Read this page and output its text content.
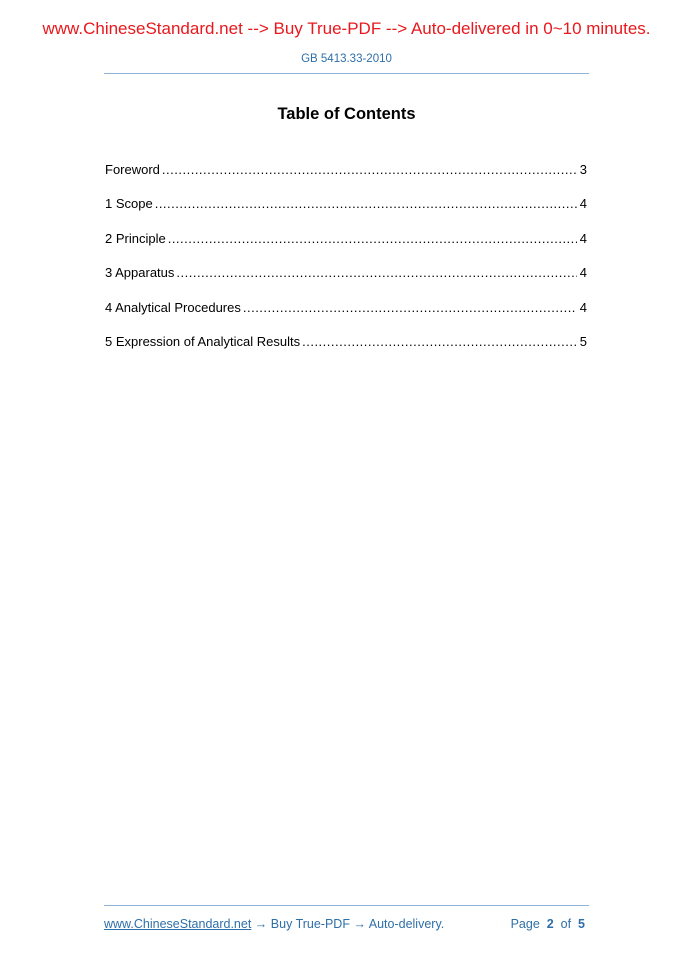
www.ChineseStandard.net --> Buy True-PDF --> Auto-delivered in 0~10 minutes.
GB 5413.33-2010
Table of Contents
Foreword .....	3
1 Scope .....	4
2 Principle .....	4
3 Apparatus .....	4
4 Analytical Procedures .....	4
5 Expression of Analytical Results .....	5
www.ChineseStandard.net → Buy True-PDF → Auto-delivery.	Page 2 of 5
